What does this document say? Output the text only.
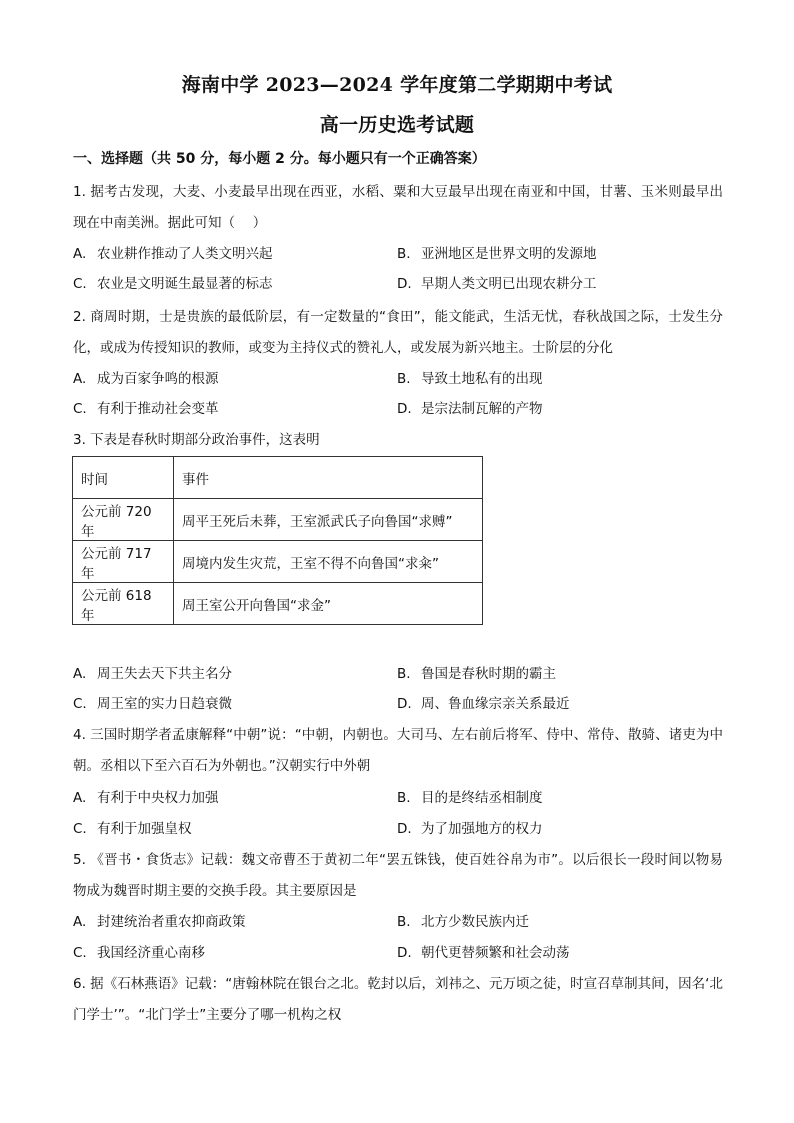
海南中学 2023—2024 学年度第二学期期中考试
高一历史选考试题
一、选择题（共 50 分，每小题 2 分。每小题只有一个正确答案）
1. 据考古发现，大麦、小麦最早出现在西亚，水稻、粟和大豆最早出现在南亚和中国，甘薯、玉米则最早出现在中南美洲。据此可知（　 ）
A. 农业耕作推动了人类文明兴起	B. 亚洲地区是世界文明的发源地
C. 农业是文明诞生最显著的标志	D. 早期人类文明已出现农耕分工
2. 商周时期，士是贵族的最低阶层，有一定数量的“食田”，能文能武，生活无忧，春秋战国之际，士发生分化，或成为传授知识的教师，或变为主持仪式的赞礼人，或发展为新兴地主。士阶层的分化
A. 成为百家争鸣的根源	B. 导致土地私有的出现
C. 有利于推动社会变革	D. 是宗法制瓦解的产物
3. 下表是春秋时期部分政治事件，这表明
时间	事件
公元前 720 年	周平王死后未葬，王室派武氏子向鲁国“求赙”
公元前 717 年	周境内发生灾荒，王室不得不向鲁国“求籴”
公元前 618 年	周王室公开向鲁国“求金”
A. 周王失去天下共主名分	B. 鲁国是春秋时期的霸主
C. 周王室的实力日趋衰微	D. 周、鲁血缘宗亲关系最近
4. 三国时期学者孟康解释“中朝”说：“中朝，内朝也。大司马、左右前后将军、侍中、常侍、散骑、诸吏为中朝。丞相以下至六百石为外朝也。”汉朝实行中外朝
A. 有利于中央权力加强	B. 目的是终结丞相制度
C. 有利于加强皇权	D. 为了加强地方的权力
5. 《晋书・食货志》记载：魏文帝曹丕于黄初二年“罢五铢钱，使百姓谷帛为市”。以后很长一段时间以物易物成为魏晋时期主要的交换手段。其主要原因是
A. 封建统治者重农抑商政策	B. 北方少数民族内迁
C. 我国经济重心南移	D. 朝代更替频繁和社会动荡
6. 据《石林燕语》记载：“唐翰林院在银台之北。乾封以后，刘祎之、元万顷之徒，时宣召草制其间，因名‘北门学士’”。“北门学士”主要分了哪一机构之权
